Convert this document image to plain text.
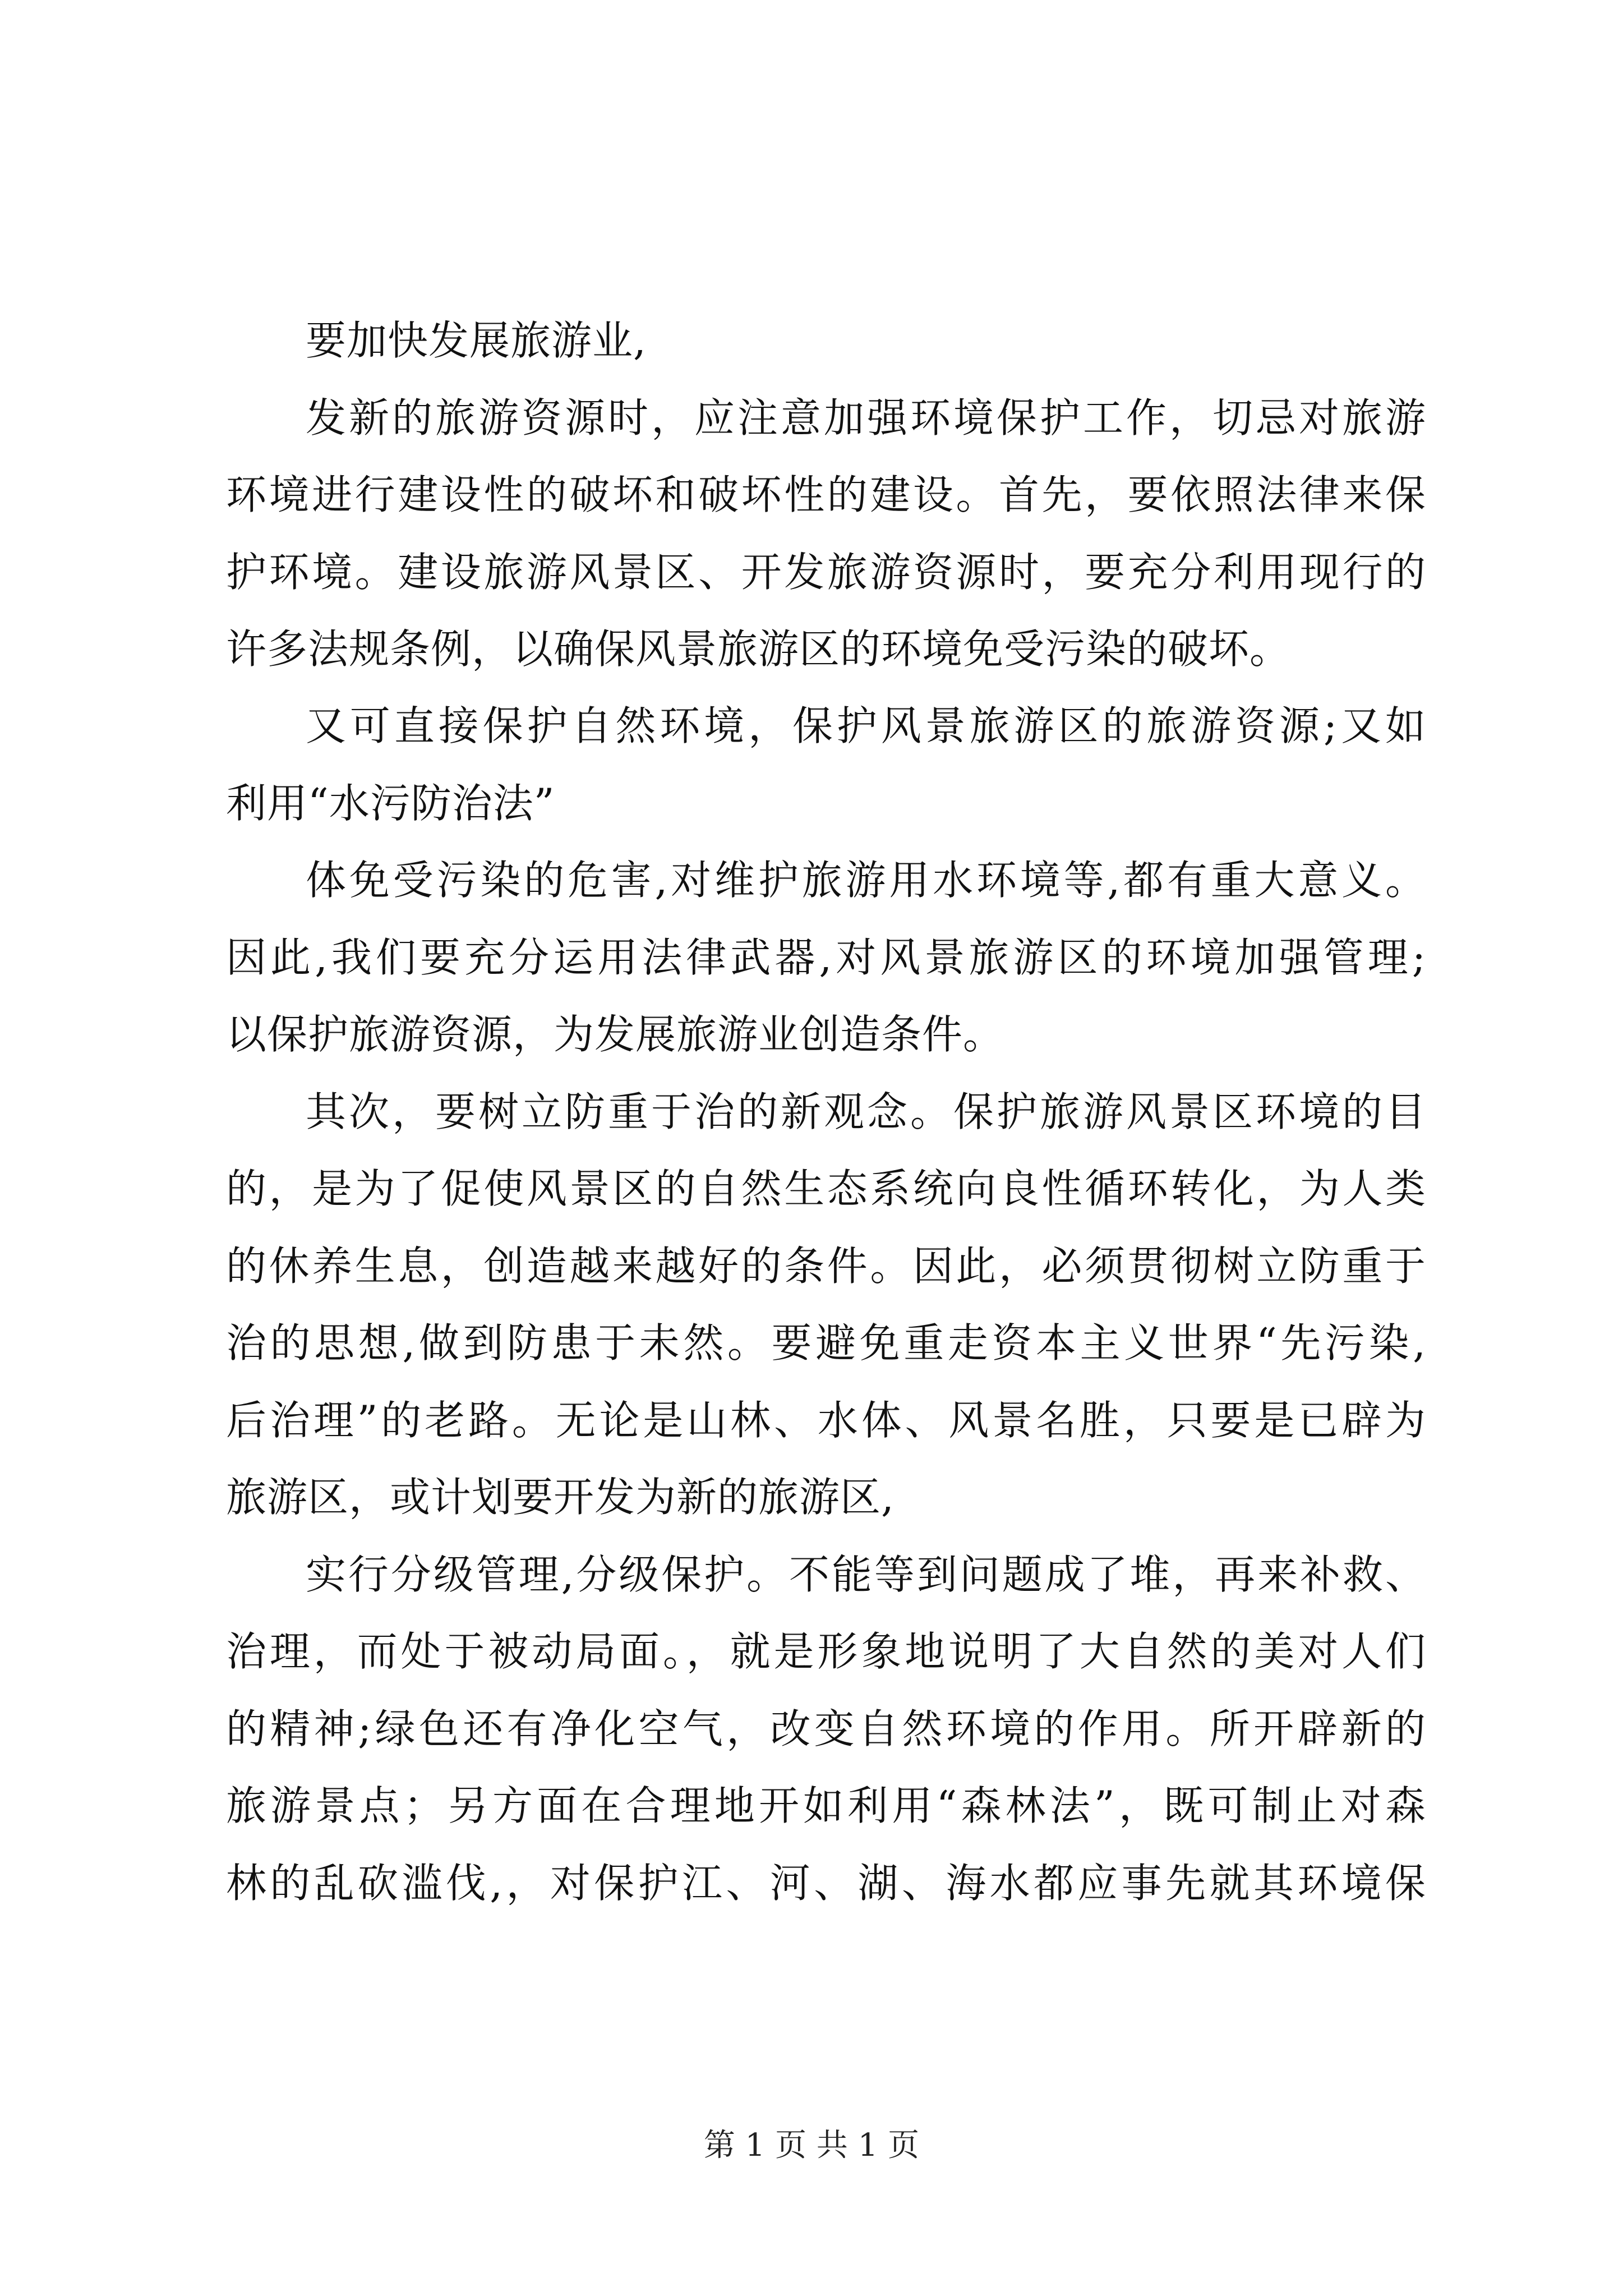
要加快发展旅游业,
发新的旅游资源时，应注意加强环境保护工作，切忌对旅游
环境进行建设性的破坏和破坏性的建设。首先，要依照法律来保
护环境。建设旅游风景区、开发旅游资源时，要充分利用现行的
许多法规条例，以确保风景旅游区的环境免受污染的破坏。
又可直接保护自然环境，保护风景旅游区的旅游资源;又如
利用“水污防治法”
体免受污染的危害,对维护旅游用水环境等,都有重大意义。
因此,我们要充分运用法律武器,对风景旅游区的环境加强管理;
以保护旅游资源，为发展旅游业创造条件。
其次，要树立防重于治的新观念。保护旅游风景区环境的目
的，是为了促使风景区的自然生态系统向良性循环转化，为人类
的休养生息，创造越来越好的条件。因此，必须贯彻树立防重于
治的思想,做到防患于未然。要避免重走资本主义世界“先污染,
后治理”的老路。无论是山林、水体、风景名胜，只要是已辟为
旅游区，或计划要开发为新的旅游区,
实行分级管理,分级保护。不能等到问题成了堆，再来补救、
治理，而处于被动局面。，就是形象地说明了大自然的美对人们
的精神;绿色还有净化空气，改变自然环境的作用。所开辟新的
旅游景点；另方面在合理地开如利用“森林法”，既可制止对森
林的乱砍滥伐,，对保护江、河、湖、海水都应事先就其环境保
第 1 页 共 1 页
